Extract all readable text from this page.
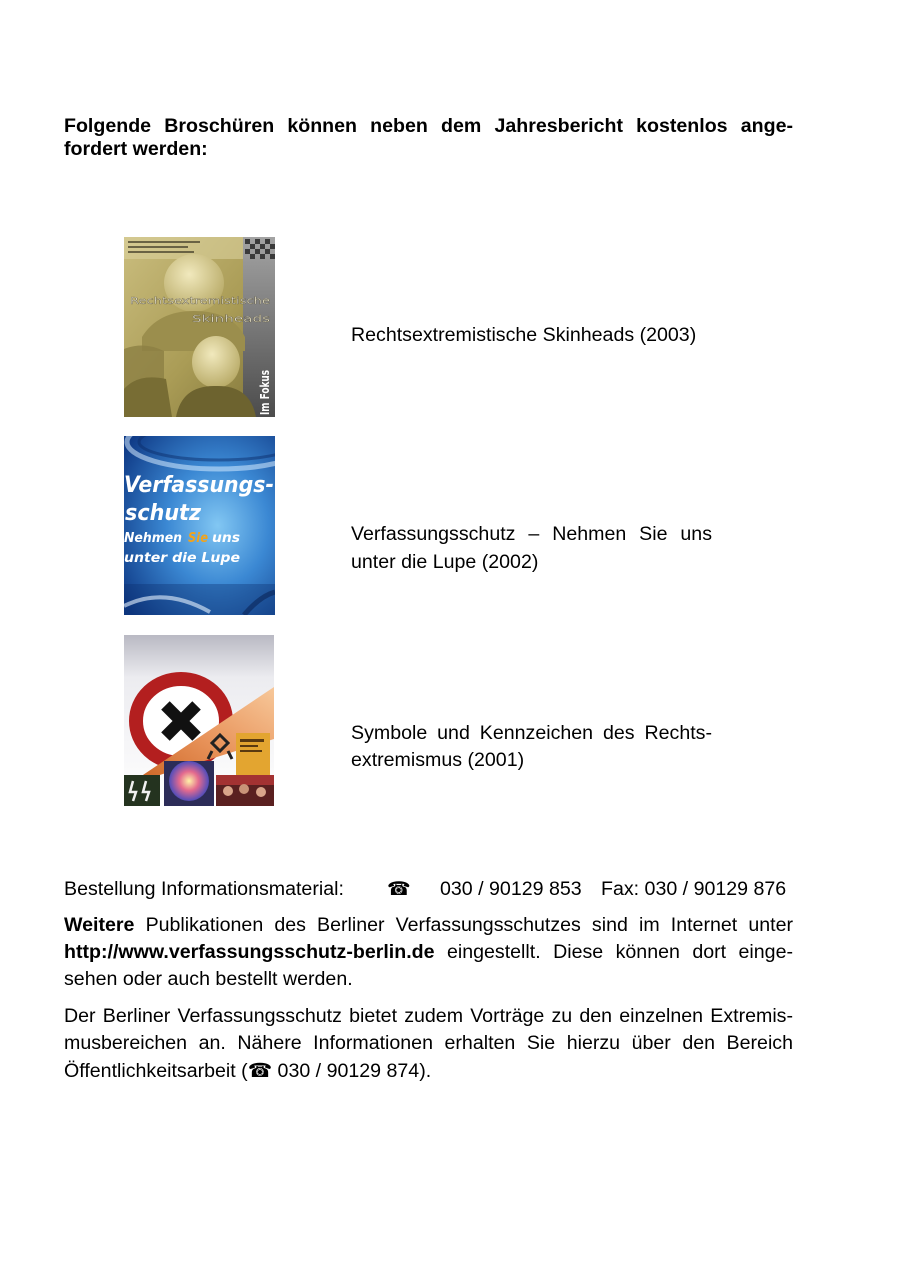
Folgende Broschüren können neben dem Jahresbericht kostenlos ange-
fordert werden:
Rechtsextremistische
Skinheads
Im Fokus
Rechtsextremistische Skinheads (2003)
Verfassungs-
schutz
Nehmen Sie uns
unter die Lupe
Verfassungsschutz – Nehmen Sie uns
unter die Lupe (2002)
Symbole und Kennzeichen des Rechts-
extremismus (2001)
Bestellung Informationsmaterial: ☎	030 / 90129 853 Fax: 030 / 90129 876
Weitere Publikationen des Berliner Verfassungsschutzes sind im Internet unter
http://www.verfassungsschutz-berlin.de eingestellt. Diese können dort einge-
sehen oder auch bestellt werden.
Der Berliner Verfassungsschutz bietet zudem Vorträge zu den einzelnen Extremis-
musbereichen an. Nähere Informationen erhalten Sie hierzu über den Bereich
Öffentlichkeitsarbeit ( ☎ 030 / 90129 874).
